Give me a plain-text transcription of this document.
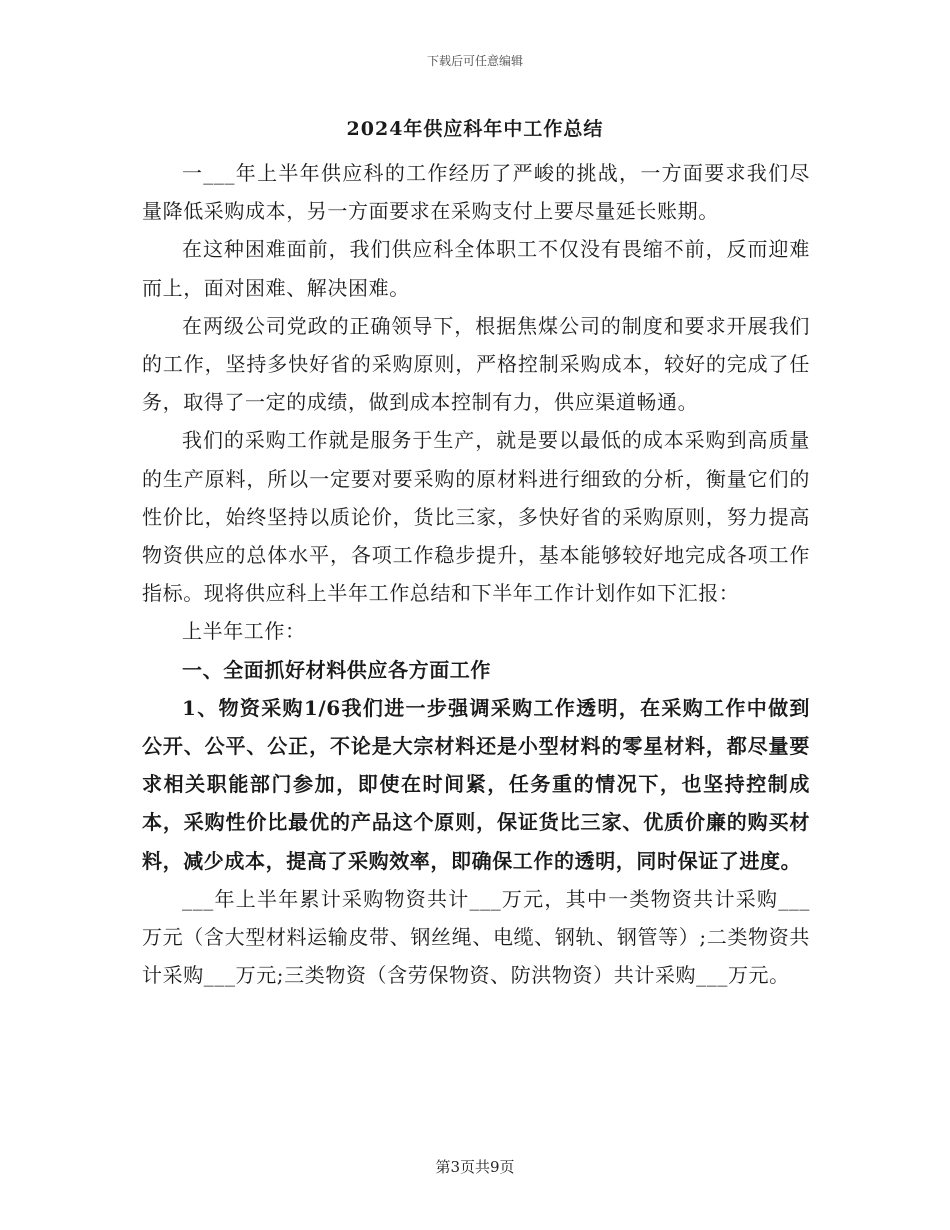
下载后可任意编辑
2024年供应科年中工作总结

一___年上半年供应科的工作经历了严峻的挑战，一方面要求我们尽量降低采购成本，另一方面要求在采购支付上要尽量延长账期。

在这种困难面前，我们供应科全体职工不仅没有畏缩不前，反而迎难而上，面对困难、解决困难。

在两级公司党政的正确领导下，根据焦煤公司的制度和要求开展我们的工作，坚持多快好省的采购原则，严格控制采购成本，较好的完成了任务，取得了一定的成绩，做到成本控制有力，供应渠道畅通。

我们的采购工作就是服务于生产，就是要以最低的成本采购到高质量的生产原料，所以一定要对要采购的原材料进行细致的分析，衡量它们的性价比，始终坚持以质论价，货比三家，多快好省的采购原则，努力提高物资供应的总体水平，各项工作稳步提升，基本能够较好地完成各项工作指标。现将供应科上半年工作总结和下半年工作计划作如下汇报：

上半年工作：

一、全面抓好材料供应各方面工作

1、物资采购1/6我们进一步强调采购工作透明，在采购工作中做到公开、公平、公正，不论是大宗材料还是小型材料的零星材料，都尽量要求相关职能部门参加，即使在时间紧，任务重的情况下，也坚持控制成本，采购性价比最优的产品这个原则，保证货比三家、优质价廉的购买材料，减少成本，提高了采购效率，即确保工作的透明，同时保证了进度。

___年上半年累计采购物资共计___万元，其中一类物资共计采购___万元（含大型材料运输皮带、钢丝绳、电缆、钢轨、钢管等）;二类物资共计采购___万元;三类物资（含劳保物资、防洪物资）共计采购___万元。

第3页共9页
